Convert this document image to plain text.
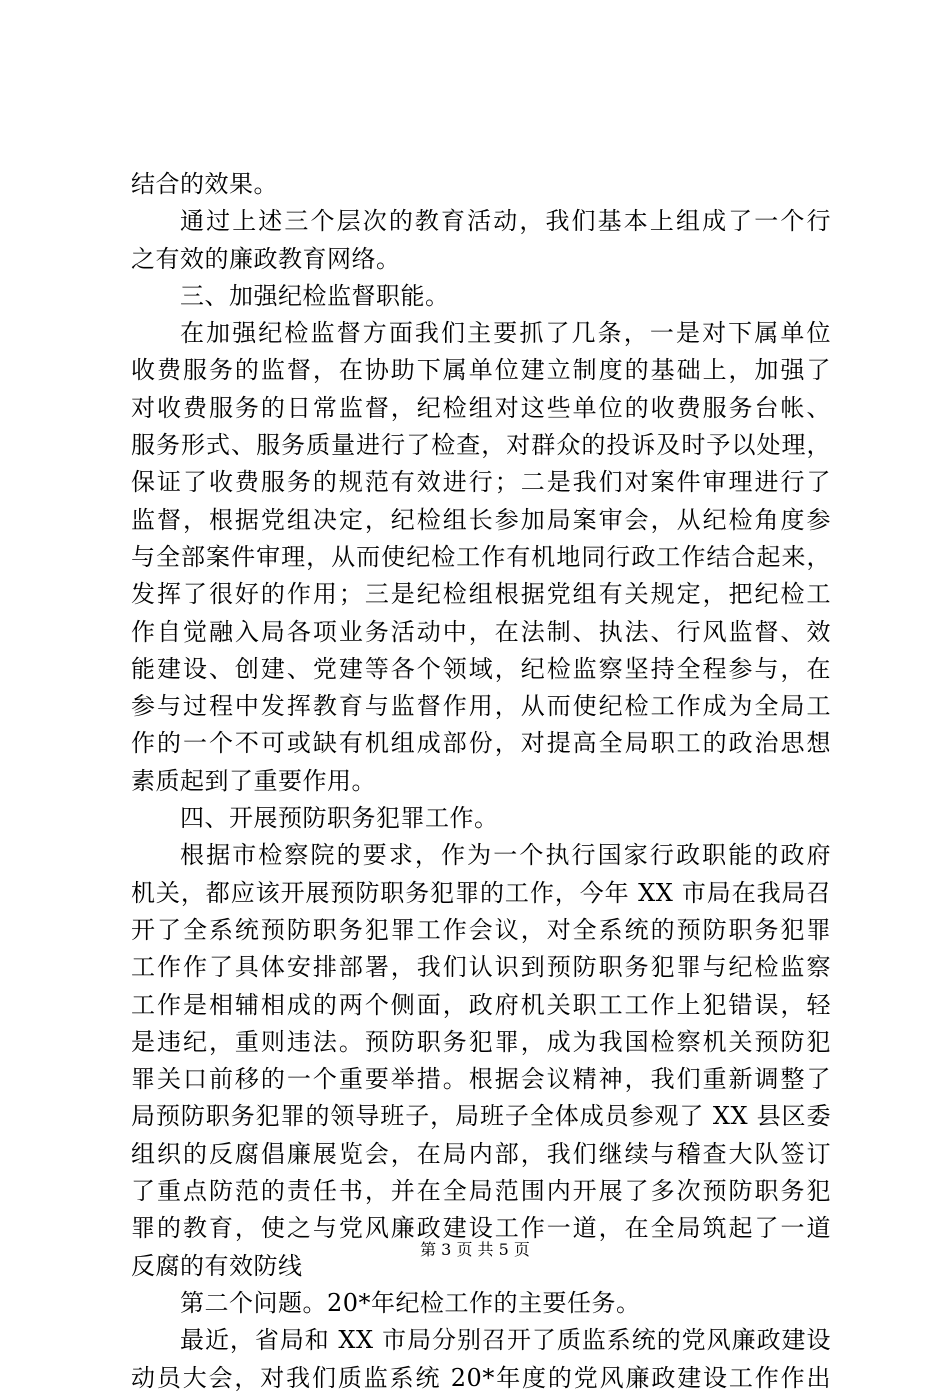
结合的效果。
通过上述三个层次的教育活动，我们基本上组成了一个行
之有效的廉政教育网络。
三、加强纪检监督职能。
在加强纪检监督方面我们主要抓了几条，一是对下属单位
收费服务的监督，在协助下属单位建立制度的基础上，加强了
对收费服务的日常监督，纪检组对这些单位的收费服务台帐、
服务形式、服务质量进行了检查，对群众的投诉及时予以处理，
保证了收费服务的规范有效进行；二是我们对案件审理进行了
监督，根据党组决定，纪检组长参加局案审会，从纪检角度参
与全部案件审理，从而使纪检工作有机地同行政工作结合起来，
发挥了很好的作用；三是纪检组根据党组有关规定，把纪检工
作自觉融入局各项业务活动中，在法制、执法、行风监督、效
能建设、创建、党建等各个领域，纪检监察坚持全程参与，在
参与过程中发挥教育与监督作用，从而使纪检工作成为全局工
作的一个不可或缺有机组成部份，对提高全局职工的政治思想
素质起到了重要作用。
四、开展预防职务犯罪工作。
根据市检察院的要求，作为一个执行国家行政职能的政府
机关，都应该开展预防职务犯罪的工作，今年 XX 市局在我局召
开了全系统预防职务犯罪工作会议，对全系统的预防职务犯罪
工作作了具体安排部署，我们认识到预防职务犯罪与纪检监察
工作是相辅相成的两个侧面，政府机关职工工作上犯错误，轻
是违纪，重则违法。预防职务犯罪，成为我国检察机关预防犯
罪关口前移的一个重要举措。根据会议精神，我们重新调整了
局预防职务犯罪的领导班子，局班子全体成员参观了 XX 县区委
组织的反腐倡廉展览会，在局内部，我们继续与稽查大队签订
了重点防范的责任书，并在全局范围内开展了多次预防职务犯
罪的教育，使之与党风廉政建设工作一道，在全局筑起了一道
反腐的有效防线
第二个问题。20*年纪检工作的主要任务。
最近，省局和 XX 市局分别召开了质监系统的党风廉政建设
动员大会，对我们质监系统 20*年度的党风廉政建设工作作出
第 3 页 共 5 页
